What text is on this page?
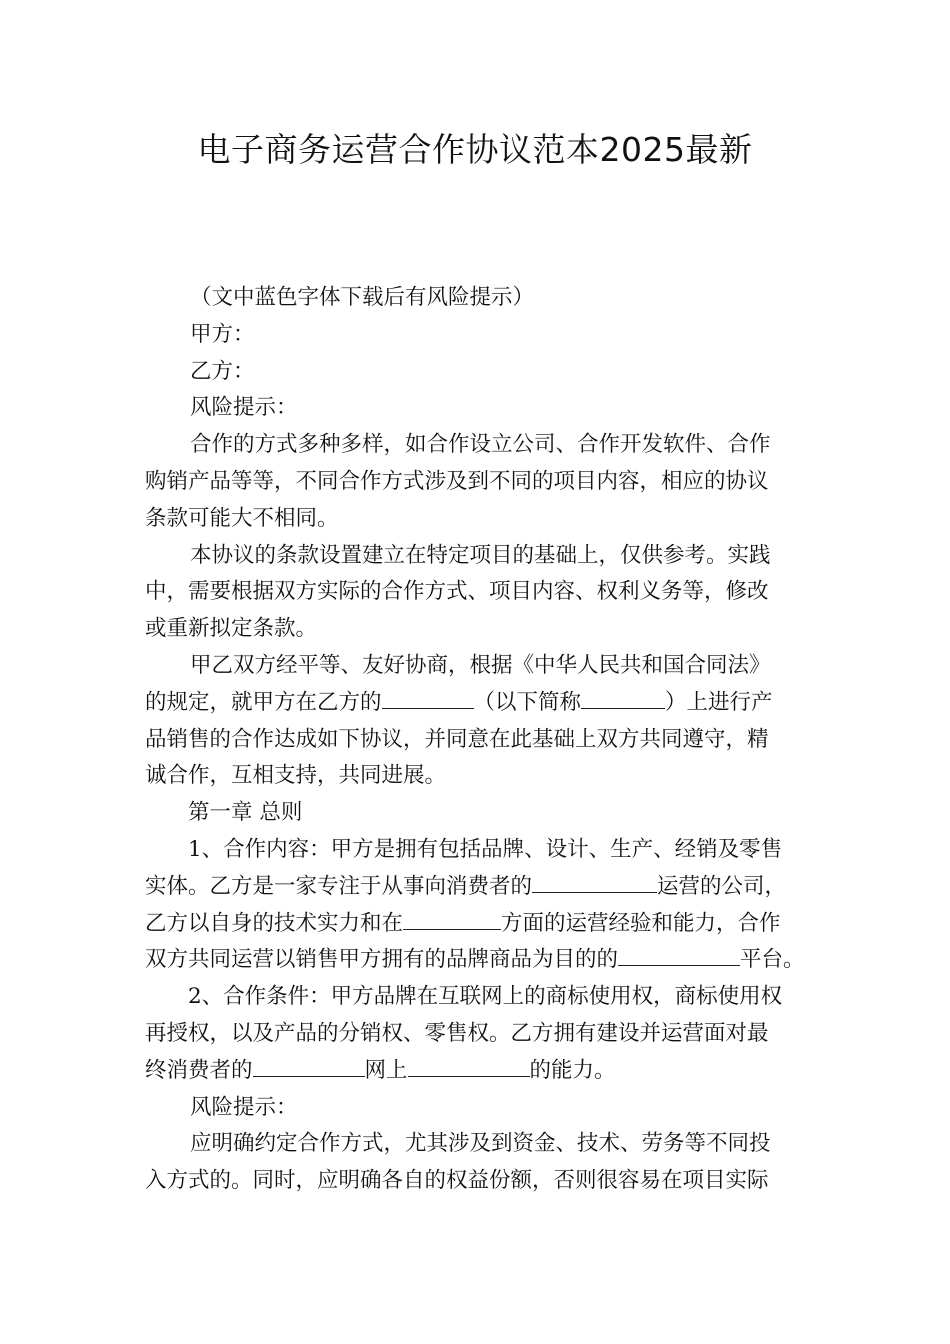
电子商务运营合作协议范本2025最新
（文中蓝色字体下载后有风险提示）
甲方：
乙方：
风险提示：
合作的方式多种多样，如合作设立公司、合作开发软件、合作
购销产品等等，不同合作方式涉及到不同的项目内容，相应的协议
条款可能大不相同。
本协议的条款设置建立在特定项目的基础上，仅供参考。实践
中，需要根据双方实际的合作方式、项目内容、权利义务等，修改
或重新拟定条款。
甲乙双方经平等、友好协商，根据《中华人民共和国合同法》
的规定，就甲方在乙方的	（以下简称	）上进行产
品销售的合作达成如下协议，并同意在此基础上双方共同遵守，精
诚合作，互相支持，共同进展。
第一章 总则
1、合作内容：甲方是拥有包括品牌、设计、生产、经销及零售
实体。乙方是一家专注于从事向消费者的	运营的公司，
乙方以自身的技术实力和在	方面的运营经验和能力，合作
双方共同运营以销售甲方拥有的品牌商品为目的的	平台。
2、合作条件：甲方品牌在互联网上的商标使用权，商标使用权
再授权，以及产品的分销权、零售权。乙方拥有建设并运营面对最
终消费者的	网上	的能力。
风险提示：
应明确约定合作方式，尤其涉及到资金、技术、劳务等不同投
入方式的。同时，应明确各自的权益份额，否则很容易在项目实际
